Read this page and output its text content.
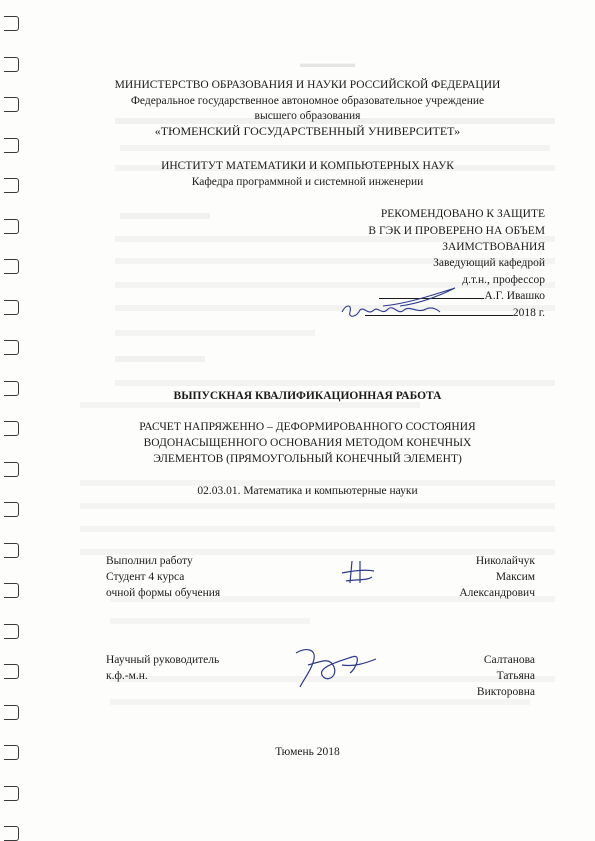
▬▬▬▬▬
МИНИСТЕРСТВО ОБРАЗОВАНИЯ И НАУКИ РОССИЙСКОЙ ФЕДЕРАЦИИ
Федеральное государственное автономное образовательное учреждение
высшего образования
«ТЮМЕНСКИЙ ГОСУДАРСТВЕННЫЙ УНИВЕРСИТЕТ»
ИНСТИТУТ МАТЕМАТИКИ И КОМПЬЮТЕРНЫХ НАУК
Кафедра программной и системной инженерии
РЕКОМЕНДОВАНО К ЗАЩИТЕ
В ГЭК И ПРОВЕРЕНО НА ОБЪЕМ
ЗАИМСТВОВАНИЯ
Заведующий кафедрой
д.т.н., профессор
А.Г. Ивашко
2018 г.
ВЫПУСКНАЯ КВАЛИФИКАЦИОННАЯ РАБОТА
РАСЧЕТ НАПРЯЖЕННО – ДЕФОРМИРОВАННОГО СОСТОЯНИЯ
ВОДОНАСЫЩЕННОГО ОСНОВАНИЯ МЕТОДОМ КОНЕЧНЫХ
ЭЛЕМЕНТОВ (ПРЯМОУГОЛЬНЫЙ КОНЕЧНЫЙ ЭЛЕМЕНТ)
02.03.01. Математика и компьютерные науки
Выполнил работу
Студент 4 курса
очной формы обучения
Николайчук
Максим
Александрович
Научный руководитель
к.ф.-м.н.
Салтанова
Татьяна
Викторовна
Тюмень 2018
